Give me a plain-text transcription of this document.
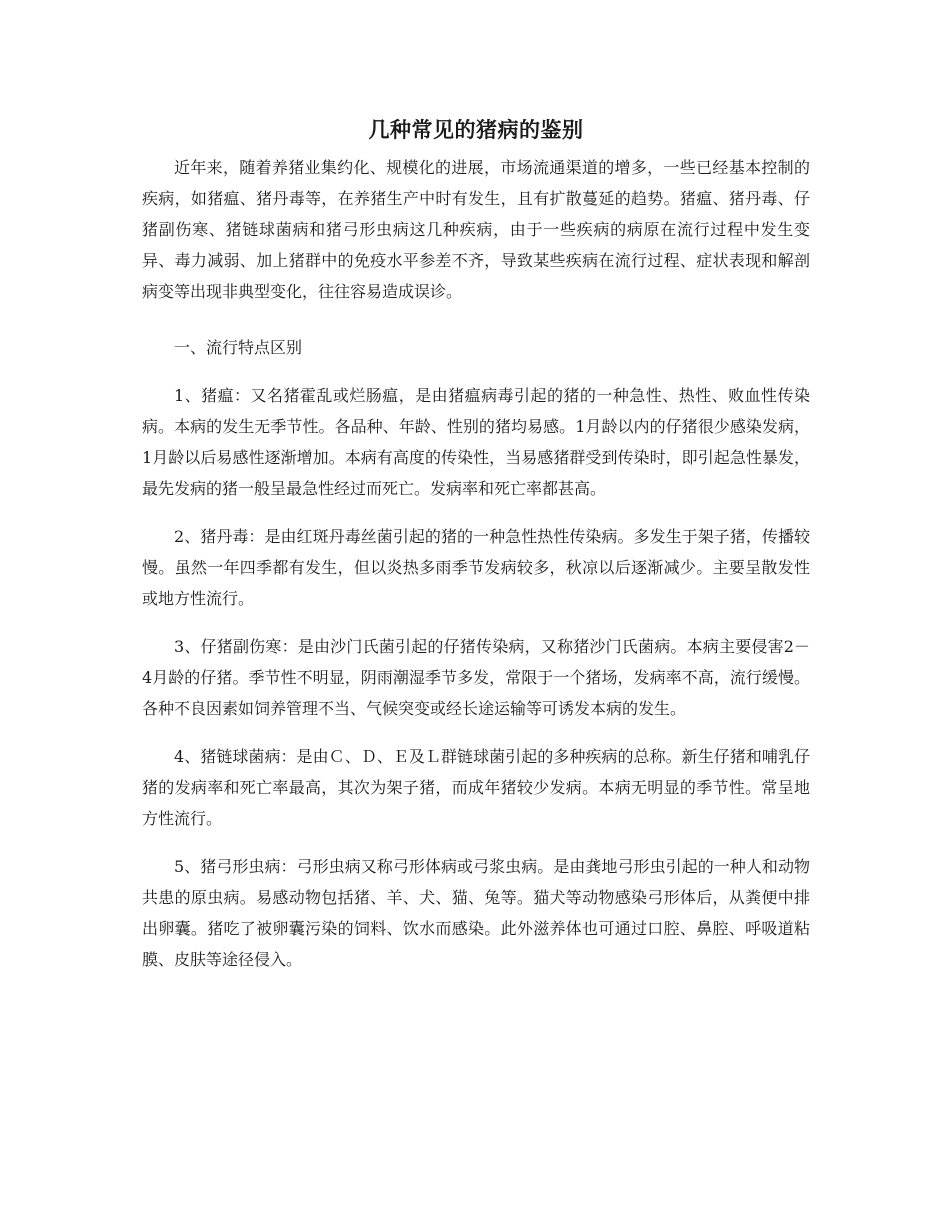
几种常见的猪病的鉴别

近年来，随着养猪业集约化、规模化的进展，市场流通渠道的增多，一些已经基本控制的疾病，如猪瘟、猪丹毒等，在养猪生产中时有发生，且有扩散蔓延的趋势。猪瘟、猪丹毒、仔猪副伤寒、猪链球菌病和猪弓形虫病这几种疾病，由于一些疾病的病原在流行过程中发生变异、毒力减弱、加上猪群中的免疫水平参差不齐，导致某些疾病在流行过程、症状表现和解剖病变等出现非典型变化，往往容易造成误诊。

一、流行特点区别

1、猪瘟：又名猪霍乱或烂肠瘟，是由猪瘟病毒引起的猪的一种急性、热性、败血性传染病。本病的发生无季节性。各品种、年龄、性别的猪均易感。1月龄以内的仔猪很少感染发病，1月龄以后易感性逐渐增加。本病有高度的传染性，当易感猪群受到传染时，即引起急性暴发，最先发病的猪一般呈最急性经过而死亡。发病率和死亡率都甚高。

2、猪丹毒：是由红斑丹毒丝菌引起的猪的一种急性热性传染病。多发生于架子猪，传播较慢。虽然一年四季都有发生，但以炎热多雨季节发病较多，秋凉以后逐渐减少。主要呈散发性或地方性流行。

3、仔猪副伤寒：是由沙门氏菌引起的仔猪传染病，又称猪沙门氏菌病。本病主要侵害2－4月龄的仔猪。季节性不明显，阴雨潮湿季节多发，常限于一个猪场，发病率不高，流行缓慢。各种不良因素如饲养管理不当、气候突变或经长途运输等可诱发本病的发生。

4、猪链球菌病：是由Ｃ、Ｄ、Ｅ及Ｌ群链球菌引起的多种疾病的总称。新生仔猪和哺乳仔猪的发病率和死亡率最高，其次为架子猪，而成年猪较少发病。本病无明显的季节性。常呈地方性流行。

5、猪弓形虫病：弓形虫病又称弓形体病或弓浆虫病。是由龚地弓形虫引起的一种人和动物共患的原虫病。易感动物包括猪、羊、犬、猫、兔等。猫犬等动物感染弓形体后，从粪便中排出卵囊。猪吃了被卵囊污染的饲料、饮水而感染。此外滋养体也可通过口腔、鼻腔、呼吸道粘膜、皮肤等途径侵入。
